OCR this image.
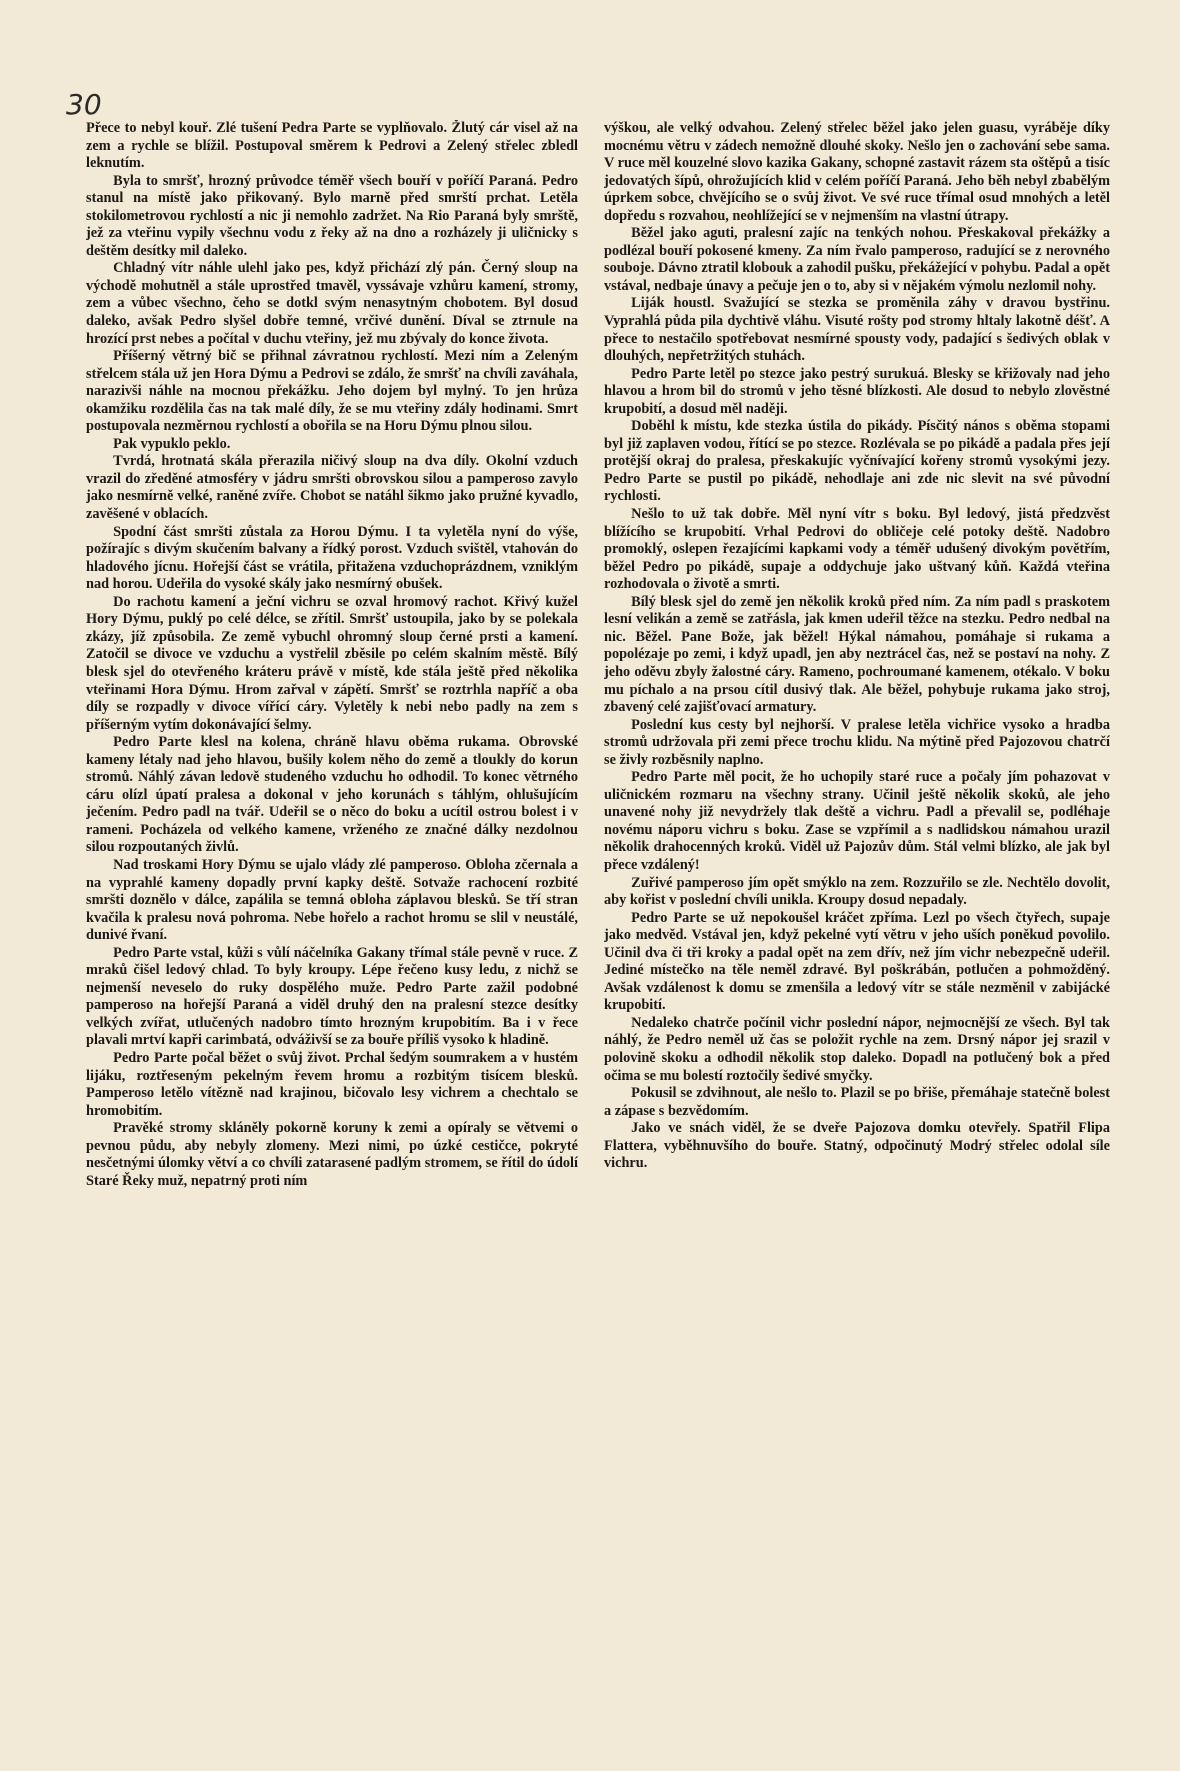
30

Přece to nebyl kouř. Zlé tušení Pedra Parte se vyplňovalo. Žlutý cár visel až na zem a rychle se blížil. Postupoval směrem k Pedrovi a Zelený střelec zbledl leknutím.

Byla to smršť, hrozný průvodce téměř všech bouří v poříčí Paraná. Pedro stanul na místě jako přikovaný. Bylo marně před smrští prchat. Letěla stokilometrovou rychlostí a nic ji nemohlo zadržet. Na Rio Paraná byly smrště, jež za vteřinu vypily všechnu vodu z řeky až na dno a rozházely ji uličnicky s deštěm desítky mil daleko.

Chladný vítr náhle ulehl jako pes, když přichází zlý pán. Černý sloup na východě mohutněl a stále uprostřed tmavěl, vyssávaje vzhůru kamení, stromy, zem a vůbec všechno, čeho se dotkl svým nenasytným chobotem. Byl dosud daleko, avšak Pedro slyšel dobře temné, vrčivé dunění. Díval se ztrnule na hrozící prst nebes a počítal v duchu vteřiny, jež mu zbývaly do konce života.

Příšerný větrný bič se přihnal závratnou rychlostí. Mezi ním a Zeleným střelcem stála už jen Hora Dýmu a Pedrovi se zdálo, že smršť na chvíli zaváhala, narazivši náhle na mocnou překážku. Jeho dojem byl mylný. To jen hrůza okamžiku rozdělila čas na tak malé díly, že se mu vteřiny zdály hodinami. Smrt postupovala nezměrnou rychlostí a obořila se na Horu Dýmu plnou silou.

Pak vypuklo peklo.

Tvrdá, hrotnatá skála přerazila ničivý sloup na dva díly. Okolní vzduch vrazil do zředěné atmosféry v jádru smršti obrovskou silou a pamperoso zavylo jako nesmírně velké, raněné zvíře. Chobot se natáhl šikmo jako pružné kyvadlo, zavěšené v oblacích.

Spodní část smršti zůstala za Horou Dýmu. I ta vyletěla nyní do výše, požírajíc s divým skučením balvany a řídký porost. Vzduch svištěl, vtahován do hladového jícnu. Hořejší část se vrátila, přitažena vzduchoprázdnem, vzniklým nad horou. Udeřila do vysoké skály jako nesmírný obušek.

Do rachotu kamení a ječní vichru se ozval hromový rachot. Křivý kužel Hory Dýmu, puklý po celé délce, se zřítil. Smršť ustoupila, jako by se polekala zkázy, jíž způsobila. Ze země vybuchl ohromný sloup černé prsti a kamení. Zatočil se divoce ve vzduchu a vystřelil zběsile po celém skalním městě. Bílý blesk sjel do otevřeného kráteru právě v místě, kde stála ještě před několika vteřinami Hora Dýmu. Hrom zařval v zápětí. Smršť se roztrhla napříč a oba díly se rozpadly v divoce vířící cáry. Vyletěly k nebi nebo padly na zem s příšerným vytím dokonávající šelmy.

Pedro Parte klesl na kolena, chráně hlavu oběma rukama. Obrovské kameny létaly nad jeho hlavou, bušily kolem něho do země a tloukly do korun stromů. Náhlý závan ledově studeného vzduchu ho odhodil. To konec větrného cáru olízl úpatí pralesa a dokonal v jeho korunách s táhlým, ohlušujícím ječením. Pedro padl na tvář. Udeřil se o něco do boku a ucítil ostrou bolest i v rameni. Pocházela od velkého kamene, vrženého ze značné dálky nezdolnou silou rozpoutaných živlů.

Nad troskami Hory Dýmu se ujalo vlády zlé pamperoso. Obloha zčernala a na vyprahlé kameny dopadly první kapky deště. Sotvaže rachocení rozbité smršti doznělo v dálce, zapálila se temná obloha záplavou blesků. Se tří stran kvačila k pralesu nová pohroma. Nebe hořelo a rachot hromu se slil v neustálé, dunivé řvaní.

Pedro Parte vstal, kůži s vůlí náčelníka Gakany třímal stále pevně v ruce. Z mraků čišel ledový chlad. To byly kroupy. Lépe řečeno kusy ledu, z nichž se nejmenší neveselo do ruky dospělého muže. Pedro Parte zažil podobné pamperoso na hořejší Paraná a viděl druhý den na pralesní stezce desítky velkých zvířat, utlučených nadobro tímto hrozným krupobitím. Ba i v řece plavali mrtví kapři carimbatá, odváživší se za bouře příliš vysoko k hladině.

Pedro Parte počal běžet o svůj život. Prchal šedým soumrakem a v hustém lijáku, roztřeseným pekelným řevem hromu a rozbitým tisícem blesků. Pamperoso letělo vítězně nad krajinou, bičovalo lesy vichrem a chechtalo se hromobitím.

Pravěké stromy skláněly pokorně koruny k zemi a opíraly se větvemi o pevnou půdu, aby nebyly zlomeny. Mezi nimi, po úzké cestičce, pokryté nesčetnými úlomky větví a co chvíli zatarasené padlým stromem, se řítil do údolí Staré Řeky muž, nepatrný proti ním

výškou, ale velký odvahou. Zelený střelec běžel jako jelen guasu, vyráběje díky mocnému větru v zádech nemožně dlouhé skoky. Nešlo jen o zachování sebe sama. V ruce měl kouzelné slovo kazika Gakany, schopné zastavit rázem sta oštěpů a tisíc jedovatých šípů, ohrožujících klid v celém poříčí Paraná. Jeho běh nebyl zbabělým úprkem sobce, chvějícího se o svůj život. Ve své ruce třímal osud mnohých a letěl dopředu s rozvahou, neohlížející se v nejmenším na vlastní útrapy.

Běžel jako aguti, pralesní zajíc na tenkých nohou. Přeskakoval překážky a podlézal bouří pokosené kmeny. Za ním řvalo pamperoso, radující se z nerovného souboje. Dávno ztratil klobouk a zahodil pušku, překážející v pohybu. Padal a opět vstával, nedbaje únavy a pečuje jen o to, aby si v nějakém výmolu nezlomil nohy.

Liják houstl. Svažující se stezka se proměnila záhy v dravou bystřinu. Vyprahlá půda pila dychtivě vláhu. Visuté rošty pod stromy hltaly lakotně déšť. A přece to nestačilo spotřebovat nesmírné spousty vody, padající s šedivých oblak v dlouhých, nepřetržitých stuhách.

Pedro Parte letěl po stezce jako pestrý surukuá. Blesky se křižovaly nad jeho hlavou a hrom bil do stromů v jeho těsné blízkosti. Ale dosud to nebylo zlověstné krupobití, a dosud měl naději.

Doběhl k místu, kde stezka ústila do pikády. Písčitý nános s oběma stopami byl již zaplaven vodou, řítící se po stezce. Rozlévala se po pikádě a padala přes její protější okraj do pralesa, přeskakujíc vyčnívající kořeny stromů vysokými jezy. Pedro Parte se pustil po pikádě, nehodlaje ani zde nic slevit na své původní rychlosti.

Nešlo to už tak dobře. Měl nyní vítr s boku. Byl ledový, jistá předzvěst blížícího se krupobití. Vrhal Pedrovi do obličeje celé potoky deště. Nadobro promoklý, oslepen řezajícími kapkami vody a téměř udušený divokým povětřím, běžel Pedro po pikádě, supaje a oddychuje jako uštvaný kůň. Každá vteřina rozhodovala o životě a smrti.

Bílý blesk sjel do země jen několik kroků před ním. Za ním padl s praskotem lesní velikán a země se zatřásla, jak kmen udeřil těžce na stezku. Pedro nedbal na nic. Běžel. Pane Bože, jak běžel! Hýkal námahou, pomáhaje si rukama a popolézaje po zemi, i když upadl, jen aby neztrácel čas, než se postaví na nohy. Z jeho oděvu zbyly žalostné cáry. Rameno, pochroumané kamenem, otékalo. V boku mu píchalo a na prsou cítil dusivý tlak. Ale běžel, pohybuje rukama jako stroj, zbavený celé zajišťovací armatury.

Poslední kus cesty byl nejhorší. V pralese letěla vichřice vysoko a hradba stromů udržovala při zemi přece trochu klidu. Na mýtině před Pajozovou chatrčí se živly rozběsnily naplno.

Pedro Parte měl pocit, že ho uchopily staré ruce a počaly jím pohazovat v uličnickém rozmaru na všechny strany. Učinil ještě několik skoků, ale jeho unavené nohy již nevydržely tlak deště a vichru. Padl a převalil se, podléhaje novému náporu vichru s boku. Zase se vzpřímil a s nadlidskou námahou urazil několik drahocenných kroků. Viděl už Pajozův dům. Stál velmi blízko, ale jak byl přece vzdálený!

Zuřivé pamperoso jím opět smýklo na zem. Rozzuřilo se zle. Nechtělo dovolit, aby kořist v poslední chvíli unikla. Kroupy dosud nepadaly.

Pedro Parte se už nepokoušel kráčet zpříma. Lezl po všech čtyřech, supaje jako medvěd. Vstával jen, když pekelné vytí větru v jeho uších poněkud povolilo. Učinil dva či tři kroky a padal opět na zem dřív, než jím vichr nebezpečně udeřil. Jediné místečko na těle neměl zdravé. Byl poškrábán, potlučen a pohmožděný. Avšak vzdálenost k domu se zmenšila a ledový vítr se stále nezměnil v zabijácké krupobití.

Nedaleko chatrče počínil vichr poslední nápor, nejmocnější ze všech. Byl tak náhlý, že Pedro neměl už čas se položit rychle na zem. Drsný nápor jej srazil v polovině skoku a odhodil několik stop daleko. Dopadl na potlučený bok a před očima se mu bolestí roztočily šedivé smyčky.

Pokusil se zdvihnout, ale nešlo to. Plazil se po břiše, přemáhaje statečně bolest a zápase s bezvědomím.

Jako ve snách viděl, že se dveře Pajozova domku otevřely. Spatřil Flipa Flattera, vyběhnuvšího do bouře. Statný, odpočinutý Modrý střelec odolal síle vichru.
